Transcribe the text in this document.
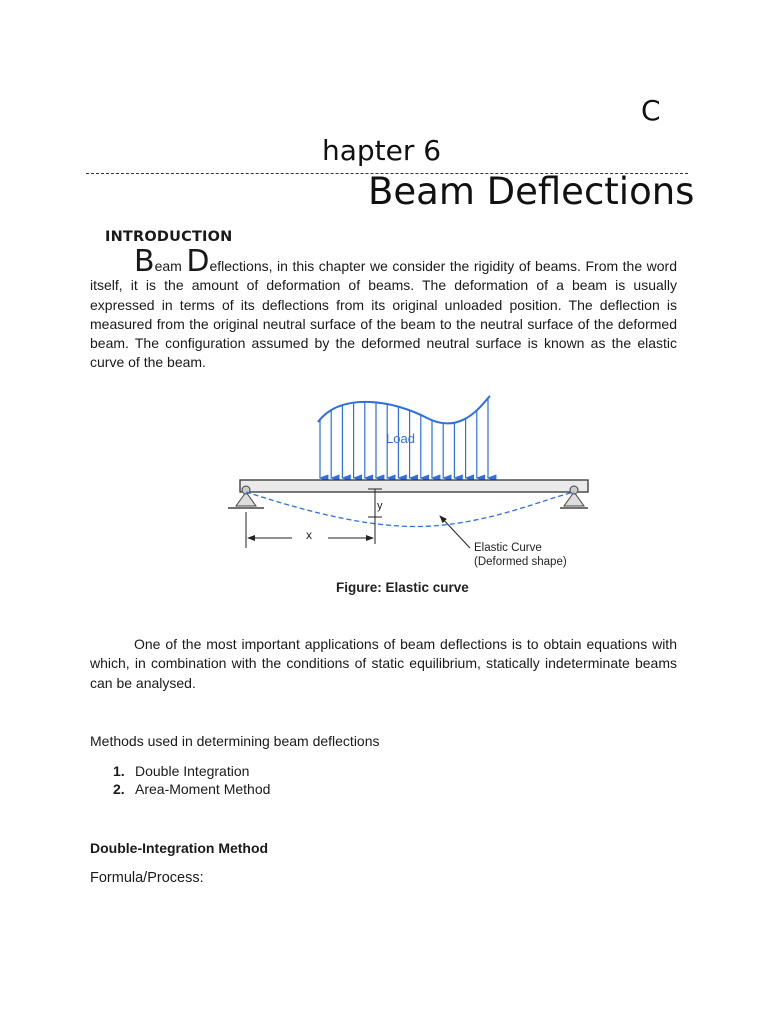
C
hapter 6
Beam Deflections
INTRODUCTION
Beam Deflections, in this chapter we consider the rigidity of beams. From the word itself, it is the amount of deformation of beams. The deformation of a beam is usually expressed in terms of its deflections from its original unloaded position. The deflection is measured from the original neutral surface of the beam to the neutral surface of the deformed beam. The configuration assumed by the deformed neutral surface is known as the elastic curve of the beam.
Load
y
x
Elastic Curve
(Deformed shape)
Figure: Elastic curve
One of the most important applications of beam deflections is to obtain equations with which, in combination with the conditions of static equilibrium, statically indeterminate beams can be analysed.
Methods used in determining beam deflections
1. Double Integration
2. Area-Moment Method
Double-Integration Method
Formula/Process:
